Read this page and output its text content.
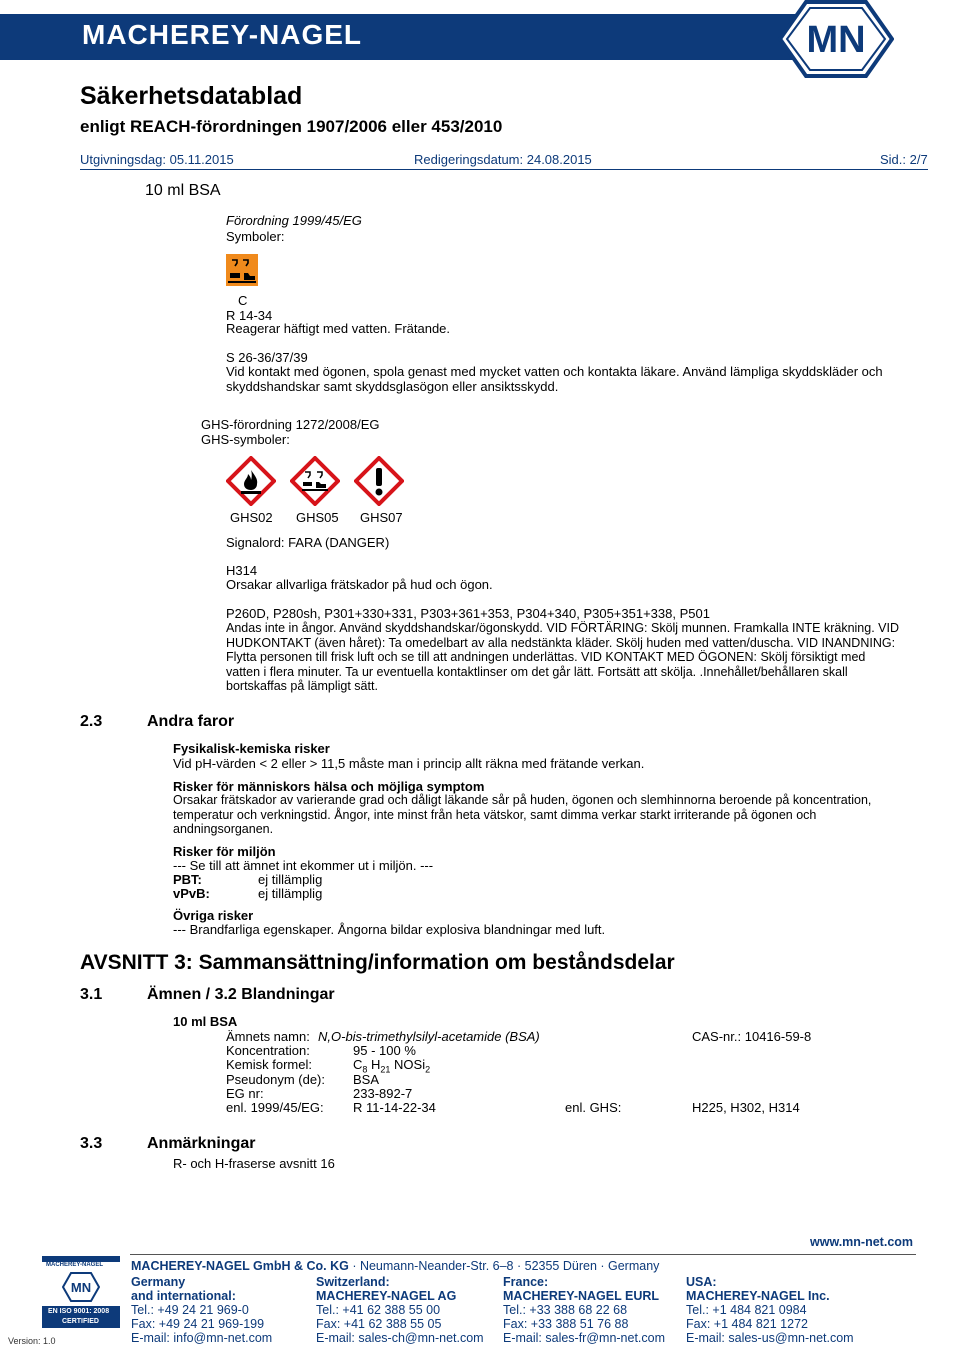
MACHEREY-NAGEL	MN
Säkerhetsdatablad
enligt REACH-förordningen 1907/2006 eller 453/2010
Utgivningsdag: 05.11.2015	Redigeringsdatum: 24.08.2015	Sid.: 2/7
10 ml BSA
Förordning 1999/45/EG
Symboler:
C
R 14-34
Reagerar häftigt med vatten. Frätande.
S 26-36/37/39
Vid kontakt med ögonen, spola genast med mycket vatten och kontakta läkare. Använd lämpliga skyddskläder och skyddshandskar samt skyddsglasögon eller ansiktsskydd.
GHS-förordning 1272/2008/EG
GHS-symboler:
GHS02 GHS05 GHS07
Signalord: FARA (DANGER)
H314
Orsakar allvarliga frätskador på hud och ögon.
P260D, P280sh, P301+330+331, P303+361+353, P304+340, P305+351+338, P501
Andas inte in ångor. Använd skyddshandskar/ögonskydd. VID FÖRTÄRING: Skölj munnen. Framkalla INTE kräkning. VID
HUDKONTAKT (även håret): Ta omedelbart av alla nedstänkta kläder. Skölj huden med vatten/duscha. VID INANDNING:
Flytta personen till frisk luft och se till att andningen underlättas. VID KONTAKT MED ÖGONEN: Skölj försiktigt med
vatten i flera minuter. Ta ur eventuella kontaktlinser om det går lätt. Fortsätt att skölja. .Innehållet/behållaren skall
bortskaffas på lämpligt sätt.
2.3	Andra faror
Fysikalisk-kemiska risker
Vid pH-värden < 2 eller > 11,5 måste man i princip allt räkna med frätande verkan.
Risker för människors hälsa och möjliga symptom
Orsakar frätskador av varierande grad och dåligt läkande sår på huden, ögonen och slemhinnorna beroende på koncentration,
temperatur och verkningstid. Ångor, inte minst från heta vätskor, samt dimma verkar starkt irriterande på ögonen och
andningsorganen.
Risker för miljön
--- Se till att ämnet int ekommer ut i miljön. ---
PBT:	ej tillämplig
vPvB:	ej tillämplig
Övriga risker
--- Brandfarliga egenskaper. Ångorna bildar explosiva blandningar med luft.
AVSNITT 3: Sammansättning/information om beståndsdelar
3.1	Ämnen / 3.2 Blandningar
10 ml BSA
Ämnets namn: N,O-bis-trimethylsilyl-acetamide (BSA)	CAS-nr.: 10416-59-8
Koncentration:	95 - 100 %
Kemisk formel:	$C_8$ $H_{21}$ NOSi$_2$
Pseudonym (de): BSA
EG nr:	233-892-7
enl. 1999/45/EG: R 11-14-22-34	enl. GHS:	H225, H302, H314
3.3	Anmärkningar
R- och H-fraserse avsnitt 16
www.mn-net.com
MACHEREY-NAGEL
MN
EN ISO 9001: 2008
CERTIFIED
Version: 1.0
MACHEREY-NAGEL GmbH & Co. KG · Neumann-Neander-Str. 6–8 · 52355 Düren · Germany
Germany
and international:
Tel.: +49 24 21 969-0
Fax: +49 24 21 969-199
E-mail: info@mn-net.com
Switzerland:
MACHEREY-NAGEL AG
Tel.: +41 62 388 55 00
Fax: +41 62 388 55 05
E-mail: sales-ch@mn-net.com
France:
MACHEREY-NAGEL EURL
Tel.: +33 388 68 22 68
Fax: +33 388 51 76 88
E-mail: sales-fr@mn-net.com
USA:
MACHEREY-NAGEL Inc.
Tel.: +1 484 821 0984
Fax: +1 484 821 1272
E-mail: sales-us@mn-net.com
